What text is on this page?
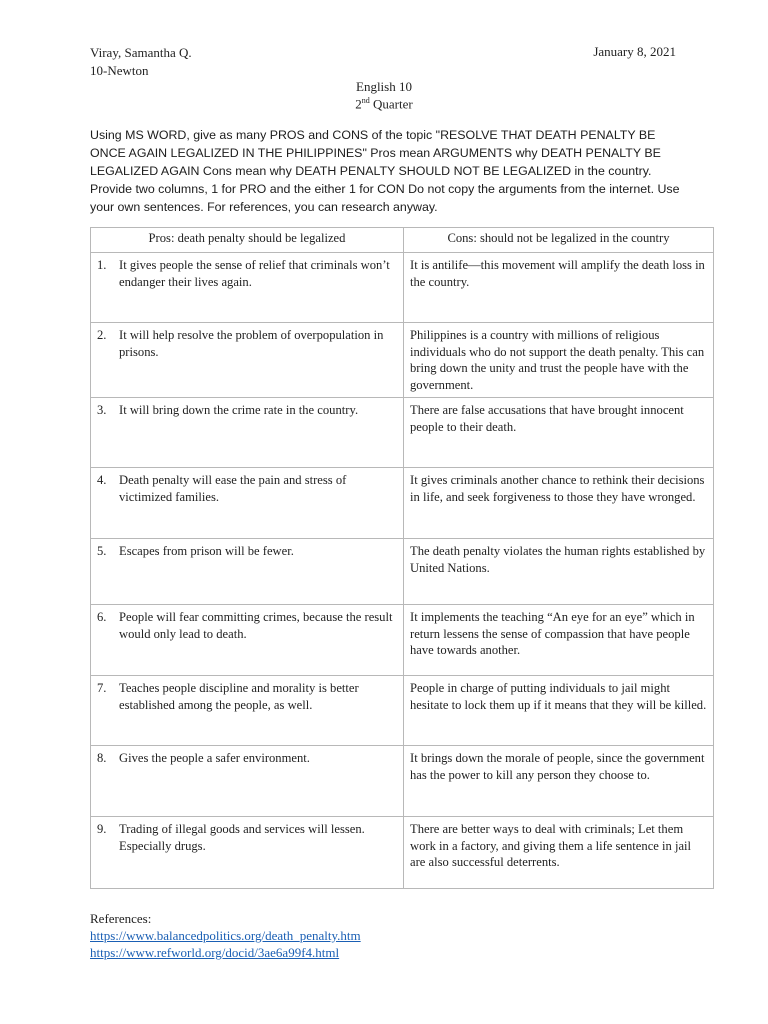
Viray, Samantha Q.
10-Newton
January 8, 2021
English 10
2nd Quarter
Using MS WORD, give as many PROS and CONS of the topic "RESOLVE THAT DEATH PENALTY BE ONCE AGAIN LEGALIZED IN THE PHILIPPINES" Pros mean ARGUMENTS why DEATH PENALTY BE LEGALIZED AGAIN Cons mean why DEATH PENALTY SHOULD NOT BE LEGALIZED in the country. Provide two columns, 1 for PRO and the either 1 for CON Do not copy the arguments from the internet. Use your own sentences. For references, you can research anyway.
Pros: death penalty should be legalized	Cons: should not be legalized in the country

1. It gives people the sense of relief that criminals won’t endanger their lives again.	It is antilife—this movement will amplify the death loss in the country.

2. It will help resolve the problem of overpopulation in prisons.	Philippines is a country with millions of religious individuals who do not support the death penalty. This can bring down the unity and trust the people have with the government.

3. It will bring down the crime rate in the country.	There are false accusations that have brought innocent people to their death.

4. Death penalty will ease the pain and stress of victimized families.	It gives criminals another chance to rethink their decisions in life, and seek forgiveness to those they have wronged.

5. Escapes from prison will be fewer.	The death penalty violates the human rights established by United Nations.

6. People will fear committing crimes, because the result would only lead to death.	It implements the teaching “An eye for an eye” which in return lessens the sense of compassion that have people have towards another.

7. Teaches people discipline and morality is better established among the people, as well.	People in charge of putting individuals to jail might hesitate to lock them up if it means that they will be killed.

8. Gives the people a safer environment.	It brings down the morale of people, since the government has the power to kill any person they choose to.

9. Trading of illegal goods and services will lessen. Especially drugs.	There are better ways to deal with criminals; Let them work in a factory, and giving them a life sentence in jail are also successful deterrents.
References:
https://www.balancedpolitics.org/death_penalty.htm
https://www.refworld.org/docid/3ae6a99f4.html
